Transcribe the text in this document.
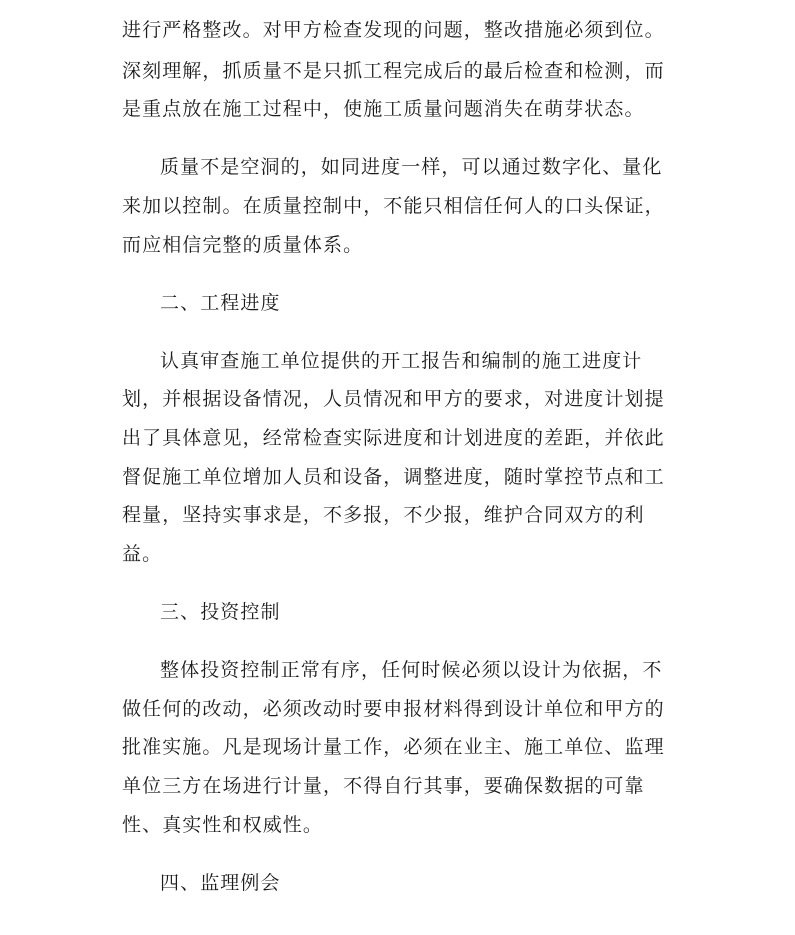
进行严格整改。对甲方检查发现的问题，整改措施必须到位。
深刻理解，抓质量不是只抓工程完成后的最后检查和检测，而
是重点放在施工过程中，使施工质量问题消失在萌芽状态。
质量不是空洞的，如同进度一样，可以通过数字化、量化
来加以控制。在质量控制中，不能只相信任何人的口头保证，
而应相信完整的质量体系。
二、工程进度
认真审查施工单位提供的开工报告和编制的施工进度计
划，并根据设备情况，人员情况和甲方的要求，对进度计划提
出了具体意见，经常检查实际进度和计划进度的差距，并依此
督促施工单位增加人员和设备，调整进度，随时掌控节点和工
程量，坚持实事求是，不多报，不少报，维护合同双方的利
益。
三、投资控制
整体投资控制正常有序，任何时候必须以设计为依据，不
做任何的改动，必须改动时要申报材料得到设计单位和甲方的
批准实施。凡是现场计量工作，必须在业主、施工单位、监理
单位三方在场进行计量，不得自行其事，要确保数据的可靠
性、真实性和权威性。
四、监理例会
